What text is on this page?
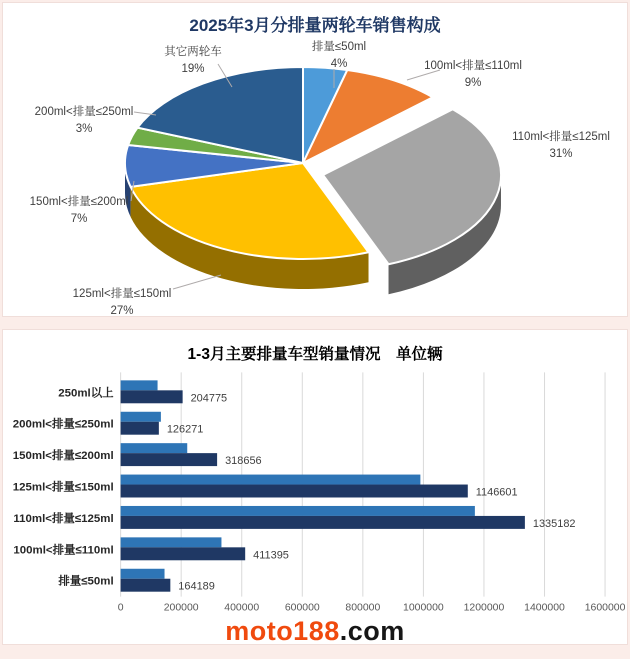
2025年3月分排量两轮车销售构成
排量≤50ml
4%	100ml<排量≤110ml
9%
110ml<排量≤125ml
31%
125ml<排量≤150ml
27%
150ml<排量≤200ml
7%
200ml<排量≤250ml
3%
其它两轮车
19%
1-3月主要排量车型销量情况　单位辆
0	200000 400000 600000 800000 1000000 1200000 1400000 1600000
250ml以上	204775
200ml<排量≤250ml	126271
150ml<排量≤200ml	318656
125ml<排量≤150ml	1146601
110ml<排量≤125ml	1335182
100ml<排量≤110ml	411395
排量≤50ml	164189
moto188.com
